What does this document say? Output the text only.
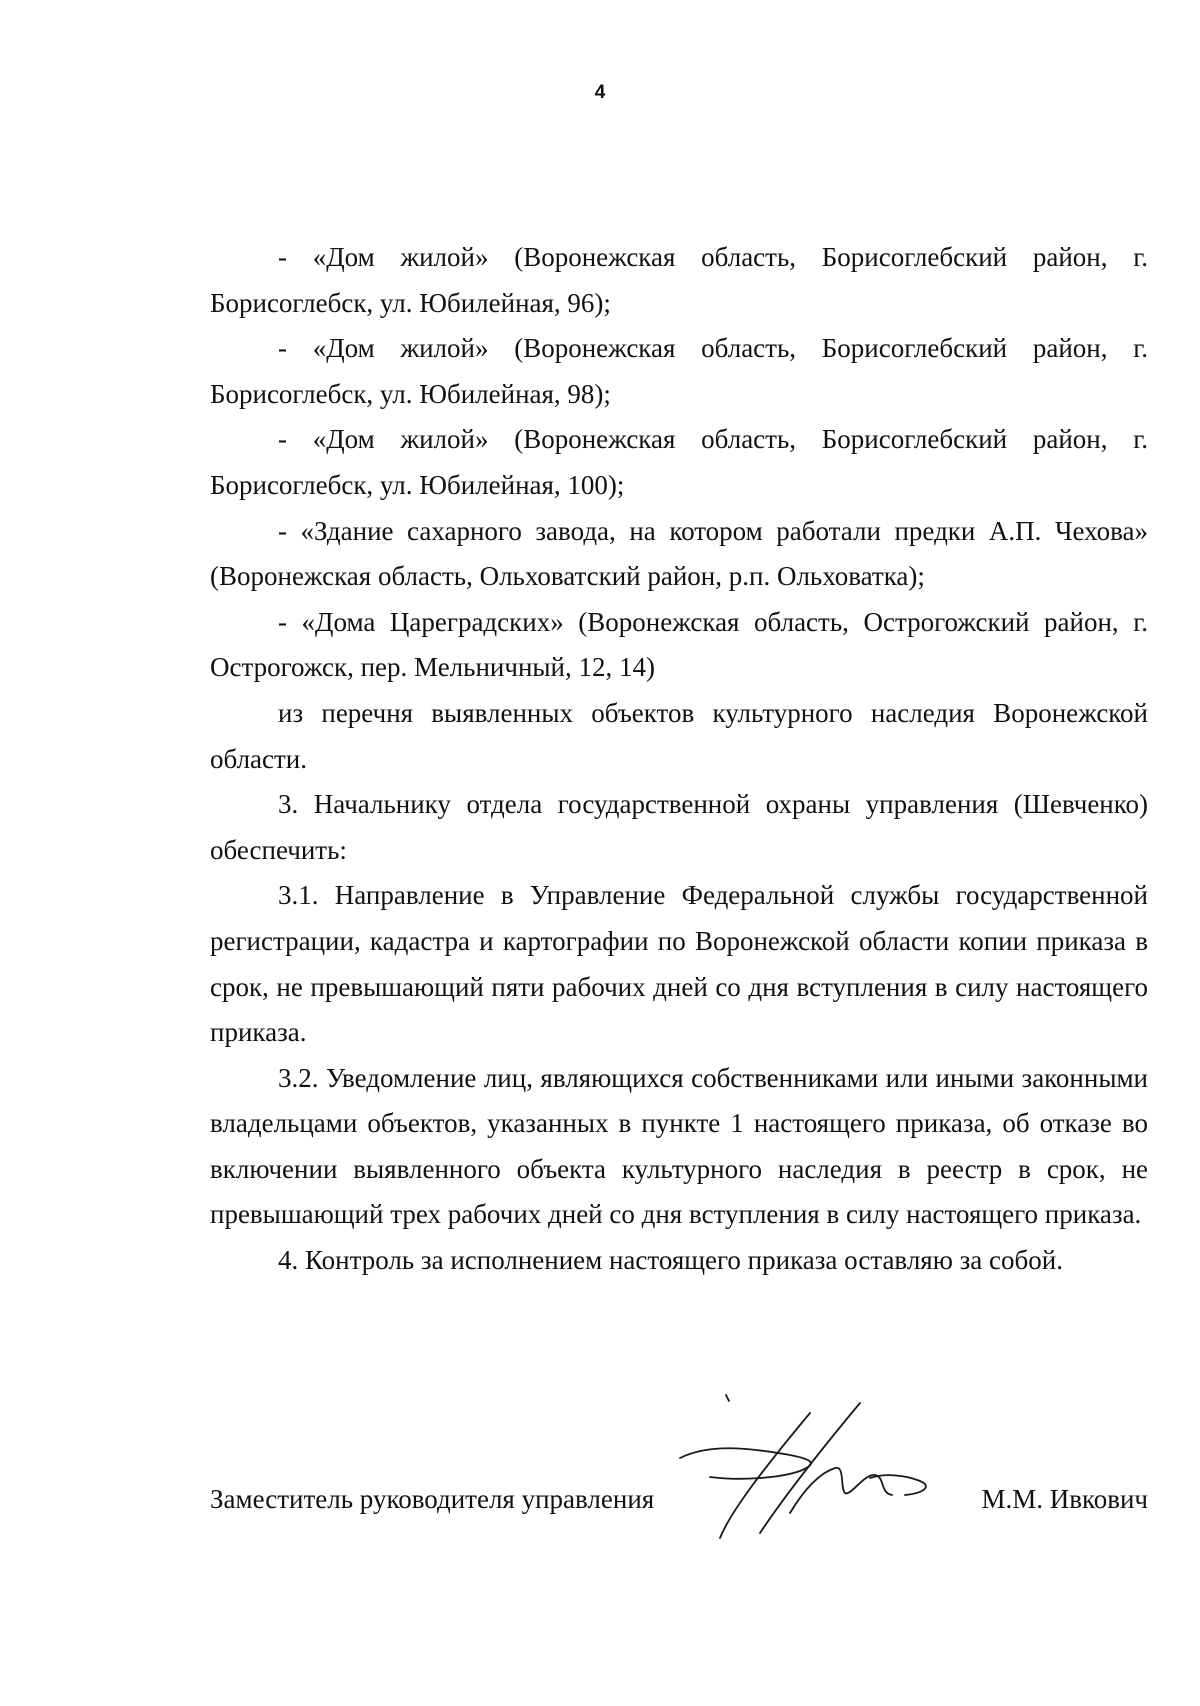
4

- «Дом жилой» (Воронежская область, Борисоглебский район, г. Борисоглебск, ул. Юбилейная, 96);

- «Дом жилой» (Воронежская область, Борисоглебский район, г. Борисоглебск, ул. Юбилейная, 98);

- «Дом жилой» (Воронежская область, Борисоглебский район, г. Борисоглебск, ул. Юбилейная, 100);

- «Здание сахарного завода, на котором работали предки А.П. Чехова» (Воронежская область, Ольховатский район, р.п. Ольховатка);

- «Дома Цареградских» (Воронежская область, Острогожский район, г. Острогожск, пер. Мельничный, 12, 14)

из перечня выявленных объектов культурного наследия Воронежской области.

3. Начальнику отдела государственной охраны управления (Шевченко) обеспечить:

3.1. Направление в Управление Федеральной службы государственной регистрации, кадастра и картографии по Воронежской области копии приказа в срок, не превышающий пяти рабочих дней со дня вступления в силу настоящего приказа.

3.2. Уведомление лиц, являющихся собственниками или иными законными владельцами объектов, указанных в пункте 1 настоящего приказа, об отказе во включении выявленного объекта культурного наследия в реестр в срок, не превышающий трех рабочих дней со дня вступления в силу настоящего приказа.

4. Контроль за исполнением настоящего приказа оставляю за собой.

Заместитель руководителя управления	М.М. Ивкович
